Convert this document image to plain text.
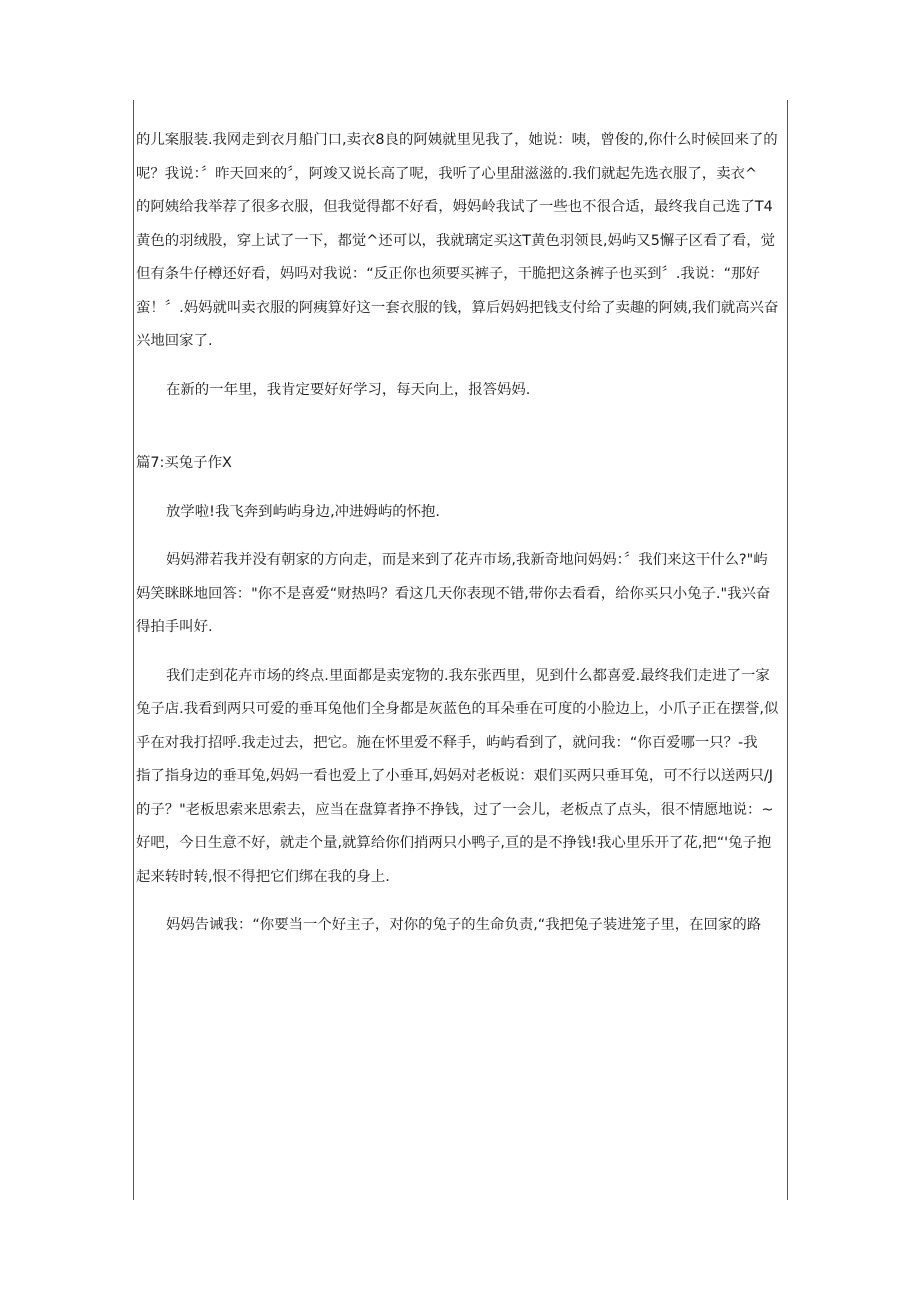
的儿案服装.我网走到衣月船门口,卖衣8良的阿姨就里见我了，她说：咦，曾俊的,你什么时候回来了的
呢？我说：〞昨天回来的〞，阿竣又说长高了呢，我听了心里甜滋滋的.我们就起先选衣服了，卖衣^
的阿姨给我举荐了很多衣服，但我觉得都不好看，姆妈岭我试了一些也不很合适，最终我自己选了T4
黄色的羽绒股，穿上试了一下，都觉^还可以，我就璃定买这T黄色羽领艮,妈屿又5懈子区看了看，觉
但有条牛仔樽还好看，妈吗对我说：“反正你也须要买裤子，干脆把这条裤子也买到〞.我说：“那好
蛮！〞.妈妈就叫卖衣服的阿痍算好这一套衣服的钱，算后妈妈把钱支付给了卖趣的阿姨,我们就高兴奋
兴地回家了.

在新的一年里，我肯定要好好学习，每天向上，报答妈妈.

篇7:买兔子作X

放学啦!我飞奔到屿屿身边,冲进姆屿的怀抱.

妈妈滞若我并没有朝家的方向走，而是来到了花卉市场,我新奇地问妈妈：〞我们来这干什么?"屿
妈笑眯眯地回答："你不是喜爱“财热吗？看这几天你表现不错,带你去看看，给你买只小兔子."我兴奋
得拍手叫好.

我们走到花卉市场的终点.里面都是卖宠物的.我东张西里，见到什么都喜爱.最终我们走进了一家
兔子店.我看到两只可爱的垂耳兔他们全身都是灰蓝色的耳朵垂在可度的小脸边上，小爪子正在摆誉,似
乎在对我打招呼.我走过去，把它。施在怀里爱不释手，屿屿看到了，就问我：“你百爱哪一只？-我
指了指身边的垂耳兔,妈妈一看也爱上了小垂耳,妈妈对老板说：艰们买两只垂耳兔，可不行以送两只/J
的子？"老板思索来思索去，应当在盘算者挣不挣钱，过了一会儿，老板点了点头，很不情愿地说：~
好吧，今日生意不好，就走个量,就算给你们捎两只小鸭子,亘的是不挣钱!我心里乐开了花,把“'兔子抱
起来转时转,恨不得把它们绑在我的身上.

妈妈告诫我：“你要当一个好主子，对你的兔子的生命负责,“我把兔子装进笼子里，在回家的路
